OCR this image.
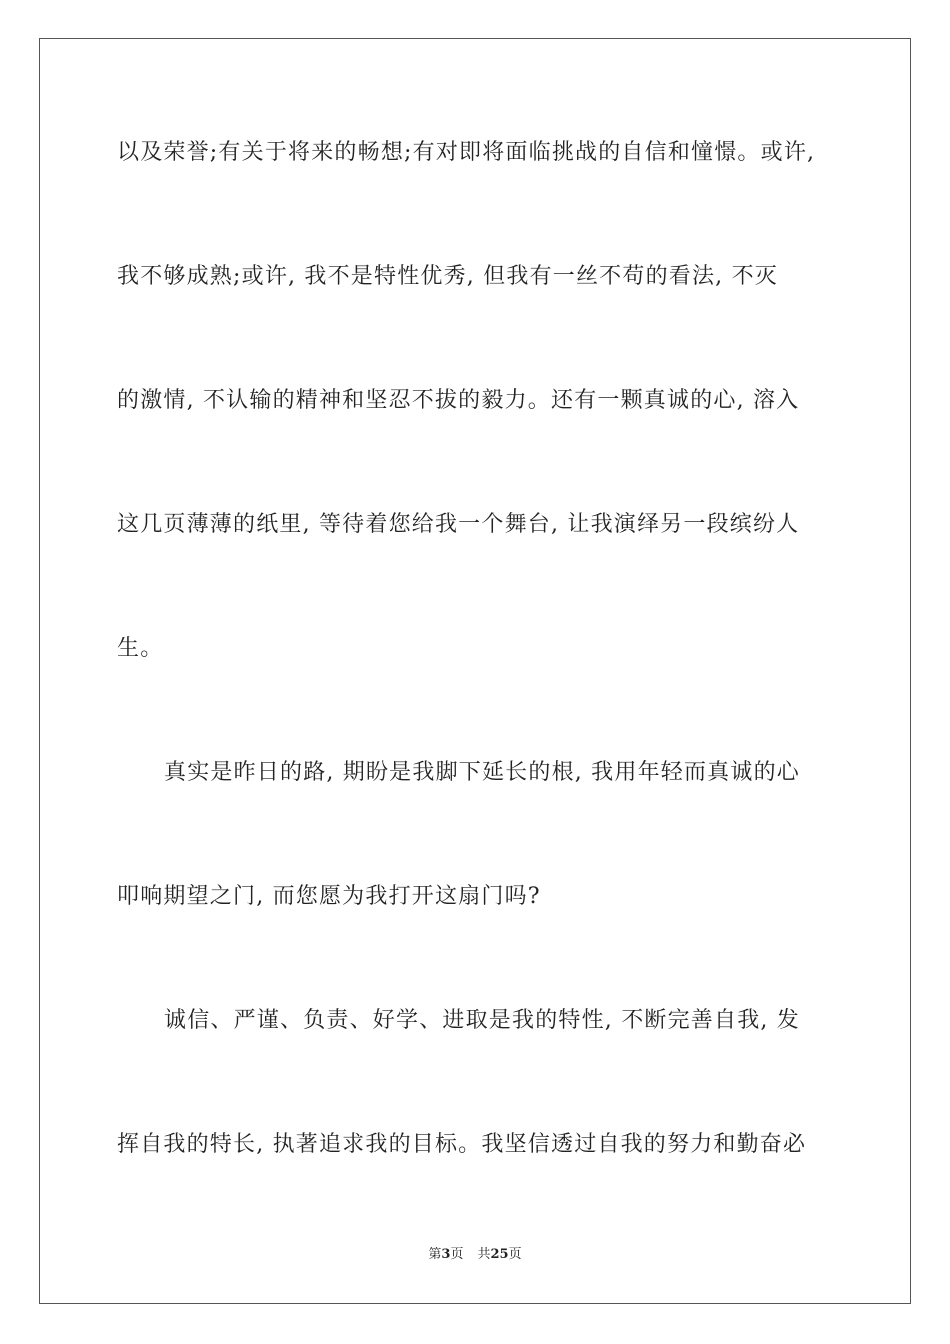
以及荣誉;有关于将来的畅想;有对即将面临挑战的自信和憧憬。或许,
我不够成熟;或许, 我不是特性优秀, 但我有一丝不苟的看法, 不灭
的激情, 不认输的精神和坚忍不拔的毅力。还有一颗真诚的心, 溶入
这几页薄薄的纸里, 等待着您给我一个舞台, 让我演绎另一段缤纷人
生。
真实是昨日的路, 期盼是我脚下延长的根, 我用年轻而真诚的心
叩响期望之门, 而您愿为我打开这扇门吗?
诚信、严谨、负责、好学、进取是我的特性, 不断完善自我, 发
挥自我的特长, 执著追求我的目标。我坚信透过自我的努力和勤奋必
第3页 共25页
